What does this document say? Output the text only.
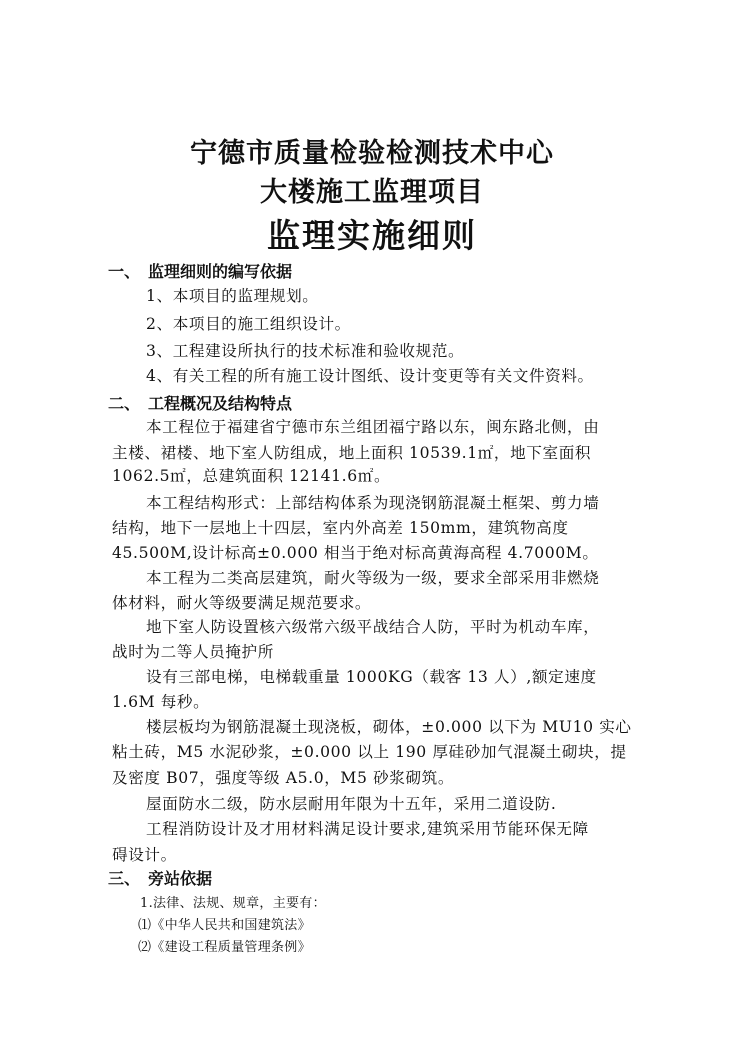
宁德市质量检验检测技术中心
大楼施工监理项目
监理实施细则
一、 监理细则的编写依据
1、本项目的监理规划。
2、本项目的施工组织设计。
3、工程建设所执行的技术标准和验收规范。
4、有关工程的所有施工设计图纸、设计变更等有关文件资料。
二、 工程概况及结构特点
本工程位于福建省宁德市东兰组团福宁路以东，闽东路北侧，由
主楼、裙楼、地下室人防组成，地上面积 10539.1㎡，地下室面积
1062.5㎡，总建筑面积 12141.6㎡。
本工程结构形式：上部结构体系为现浇钢筋混凝土框架、剪力墙
结构，地下一层地上十四层，室内外高差 150mm，建筑物高度
45.500M,设计标高±0.000 相当于绝对标高黄海高程 4.7000M。
本工程为二类高层建筑，耐火等级为一级，要求全部采用非燃烧
体材料，耐火等级要满足规范要求。
地下室人防设置核六级常六级平战结合人防，平时为机动车库，
战时为二等人员掩护所
设有三部电梯，电梯载重量 1000KG（载客 13 人）,额定速度
1.6M 每秒。
楼层板均为钢筋混凝土现浇板，砌体，±0.000 以下为 MU10 实心
粘土砖，M5 水泥砂浆，±0.000 以上 190 厚硅砂加气混凝土砌块，提
及密度 B07，强度等级 A5.0，M5 砂浆砌筑。
屋面防水二级，防水层耐用年限为十五年，采用二道设防.
工程消防设计及才用材料满足设计要求,建筑采用节能环保无障
碍设计。
三、 旁站依据
1.法律、法规、规章，主要有：
⑴《中华人民共和国建筑法》
⑵《建设工程质量管理条例》
